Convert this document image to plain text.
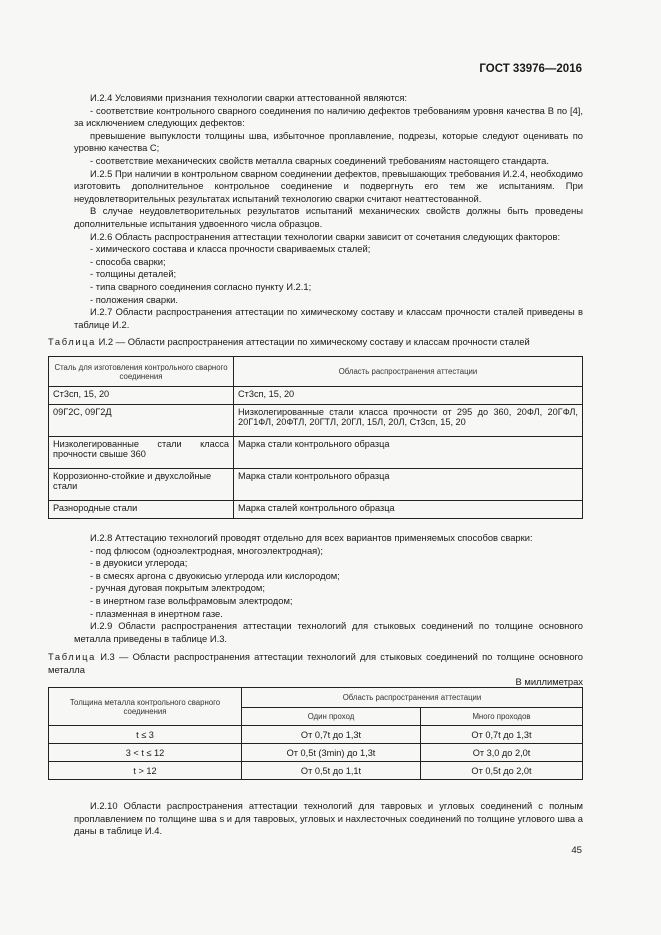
ГОСТ 33976—2016

И.2.4 Условиями признания технологии сварки аттестованной являются:

- соответствие контрольного сварного соединения по наличию дефектов требованиям уровня качества В по [4], за исключением следующих дефектов:

превышение выпуклости толщины шва, избыточное проплавление, подрезы, которые следуют оценивать по уровню качества С;

- соответствие механических свойств металла сварных соединений требованиям настоящего стандарта.

И.2.5 При наличии в контрольном сварном соединении дефектов, превышающих требования И.2.4, необходимо изготовить дополнительное контрольное соединение и подвергнуть его тем же испытаниям. При неудовлетворительных результатах испытаний технологию сварки считают неаттестованной.

В случае неудовлетворительных результатов испытаний механических свойств должны быть проведены дополнительные испытания удвоенного числа образцов.

И.2.6 Область распространения аттестации технологии сварки зависит от сочетания следующих факторов:

- химического состава и класса прочности свариваемых сталей;

- способа сварки;

- толщины деталей;

- типа сварного соединения согласно пункту И.2.1;

- положения сварки.

И.2.7 Области распространения аттестации по химическому составу и классам прочности сталей приведены в таблице И.2.

Таблица И.2 — Области распространения аттестации по химическому составу и классам прочности сталей
Сталь для изготовления контрольного сварного соединения	Область распространения аттестации
Ст3сп, 15, 20	Ст3сп, 15, 20
09Г2С, 09Г2Д	Низколегированные стали класса прочности от 295 до 360, 20ФЛ, 20ГФЛ, 20Г1ФЛ, 20ФТЛ, 20ГТЛ, 20ГЛ, 15Л, 20Л, Ст3сп, 15, 20
Низколегированные стали класса прочности свыше 360	Марка стали контрольного образца
Коррозионно-стойкие и двухслойные стали	Марка стали контрольного образца
Разнородные стали	Марка сталей контрольного образца

И.2.8 Аттестацию технологий проводят отдельно для всех вариантов применяемых способов сварки:

- под флюсом (одноэлектродная, многоэлектродная);

- в двуокиси углерода;

- в смесях аргона с двуокисью углерода или кислородом;

- ручная дуговая покрытым электродом;

- в инертном газе вольфрамовым электродом;

- плазменная в инертном газе.

И.2.9 Области распространения аттестации технологий для стыковых соединений по толщине основного металла приведены в таблице И.3.

Таблица И.3 — Области распространения аттестации технологий для стыковых соединений по толщине основного металла
В миллиметрах
Толщина металла контрольного сварного соединения	Область распространения аттестации	
	Один проход	Много проходов
t ≤ 3	От 0,7t до 1,3t	От 0,7t до 1,3t
3 < t ≤ 12	От 0,5t (3min) до 1,3t	От 3,0 до 2,0t
t > 12	От 0,5t до 1,1t	От 0,5t до 2,0t

И.2.10 Области распространения аттестации технологий для тавровых и угловых соединений с полным проплавлением по толщине шва s и для тавровых, угловых и нахлесточных соединений по толщине углового шва a даны в таблице И.4.

45
